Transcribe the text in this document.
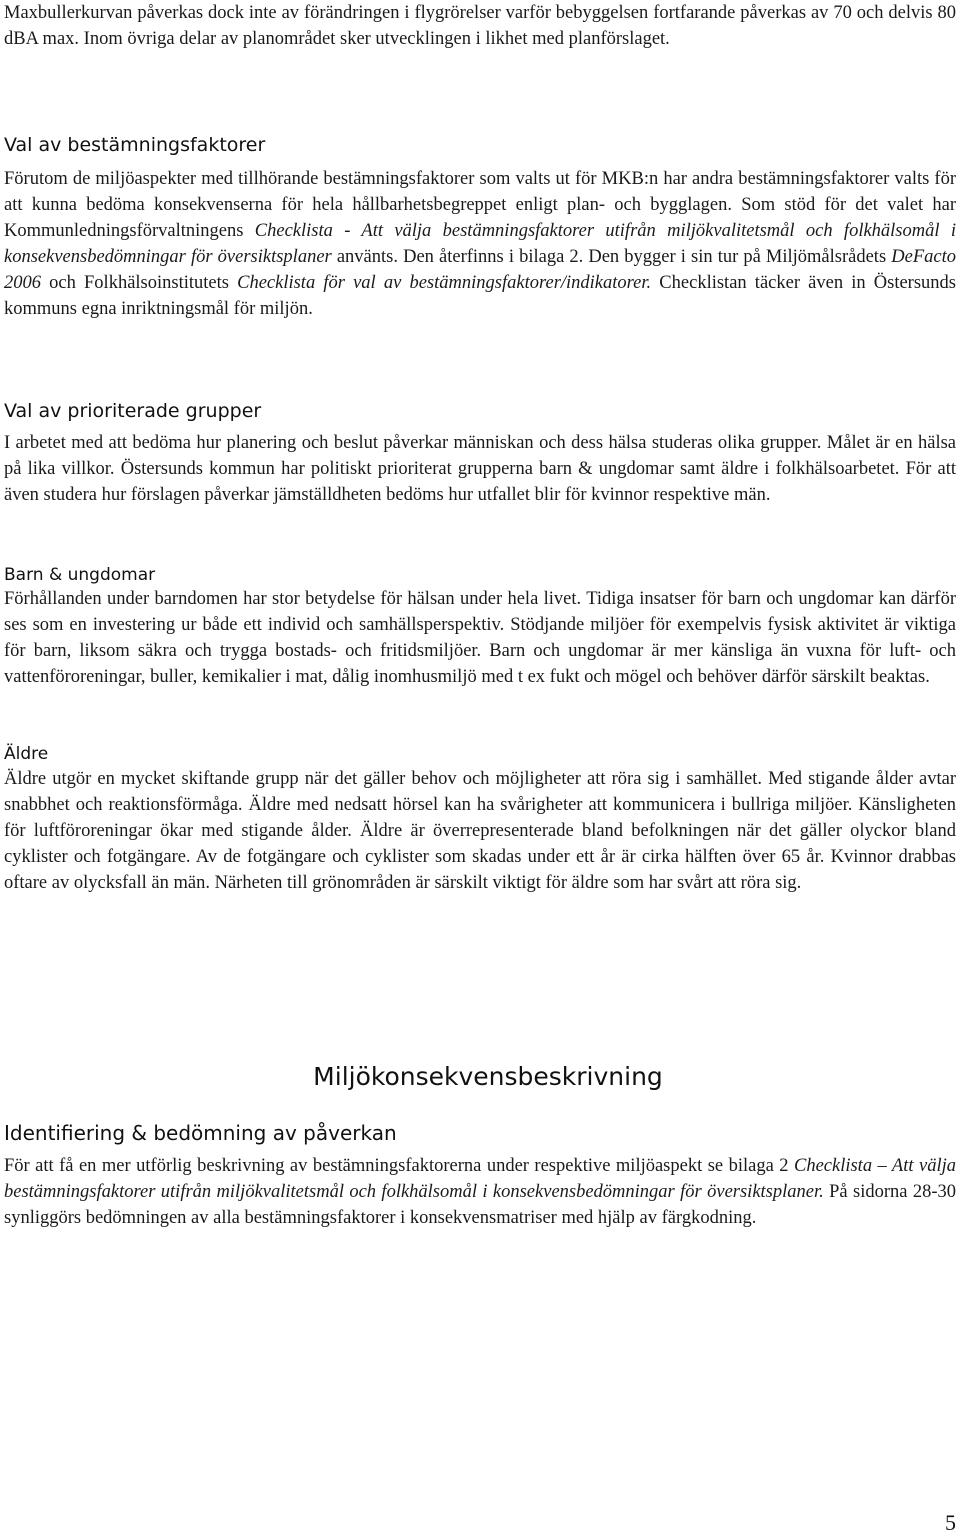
Maxbullerkurvan påverkas dock inte av förändringen i flygrörelser varför bebyggelsen fortfarande påverkas av 70 och delvis 80 dBA max. Inom övriga delar av planområdet sker utvecklingen i likhet med planförslaget.

Val av bestämningsfaktorer

Förutom de miljöaspekter med tillhörande bestämningsfaktorer som valts ut för MKB:n har andra bestämningsfaktorer valts för att kunna bedöma konsekvenserna för hela hållbarhetsbegreppet enligt plan- och bygglagen. Som stöd för det valet har Kommunledningsförvaltningens Checklista - Att välja bestämningsfaktorer utifrån miljökvalitetsmål och folkhälsomål i konsekvensbedömningar för översiktsplaner använts. Den återfinns i bilaga 2. Den bygger i sin tur på Miljömålsrådets DeFacto 2006 och Folkhälsoinstitutets Checklista för val av bestämningsfaktorer/indikatorer. Checklistan täcker även in Östersunds kommuns egna inriktningsmål för miljön.

Val av prioriterade grupper

I arbetet med att bedöma hur planering och beslut påverkar människan och dess hälsa studeras olika grupper. Målet är en hälsa på lika villkor. Östersunds kommun har politiskt prioriterat grupperna barn & ungdomar samt äldre i folkhälsoarbetet. För att även studera hur förslagen påverkar jämställdheten bedöms hur utfallet blir för kvinnor respektive män.

Barn & ungdomar

Förhållanden under barndomen har stor betydelse för hälsan under hela livet. Tidiga insatser för barn och ungdomar kan därför ses som en investering ur både ett individ och samhällsperspektiv. Stödjande miljöer för exempelvis fysisk aktivitet är viktiga för barn, liksom säkra och trygga bostads- och fritidsmiljöer. Barn och ungdomar är mer känsliga än vuxna för luft- och vattenföroreningar, buller, kemikalier i mat, dålig inomhusmiljö med t ex fukt och mögel och behöver därför särskilt beaktas.

Äldre

Äldre utgör en mycket skiftande grupp när det gäller behov och möjligheter att röra sig i samhället. Med stigande ålder avtar snabbhet och reaktionsförmåga. Äldre med nedsatt hörsel kan ha svårigheter att kommunicera i bullriga miljöer. Känsligheten för luftföroreningar ökar med stigande ålder. Äldre är överrepresenterade bland befolkningen när det gäller olyckor bland cyklister och fotgängare. Av de fotgängare och cyklister som skadas under ett år är cirka hälften över 65 år. Kvinnor drabbas oftare av olycksfall än män. Närheten till grönområden är särskilt viktigt för äldre som har svårt att röra sig.

Miljökonsekvensbeskrivning
Identifiering & bedömning av påverkan

För att få en mer utförlig beskrivning av bestämningsfaktorerna under respektive miljöaspekt se bilaga 2 Checklista – Att välja bestämningsfaktorer utifrån miljökvalitetsmål och folkhälsomål i konsekvensbedömningar för översiktsplaner. På sidorna 28-30 synliggörs bedömningen av alla bestämningsfaktorer i konsekvensmatriser med hjälp av färgkodning.

5
